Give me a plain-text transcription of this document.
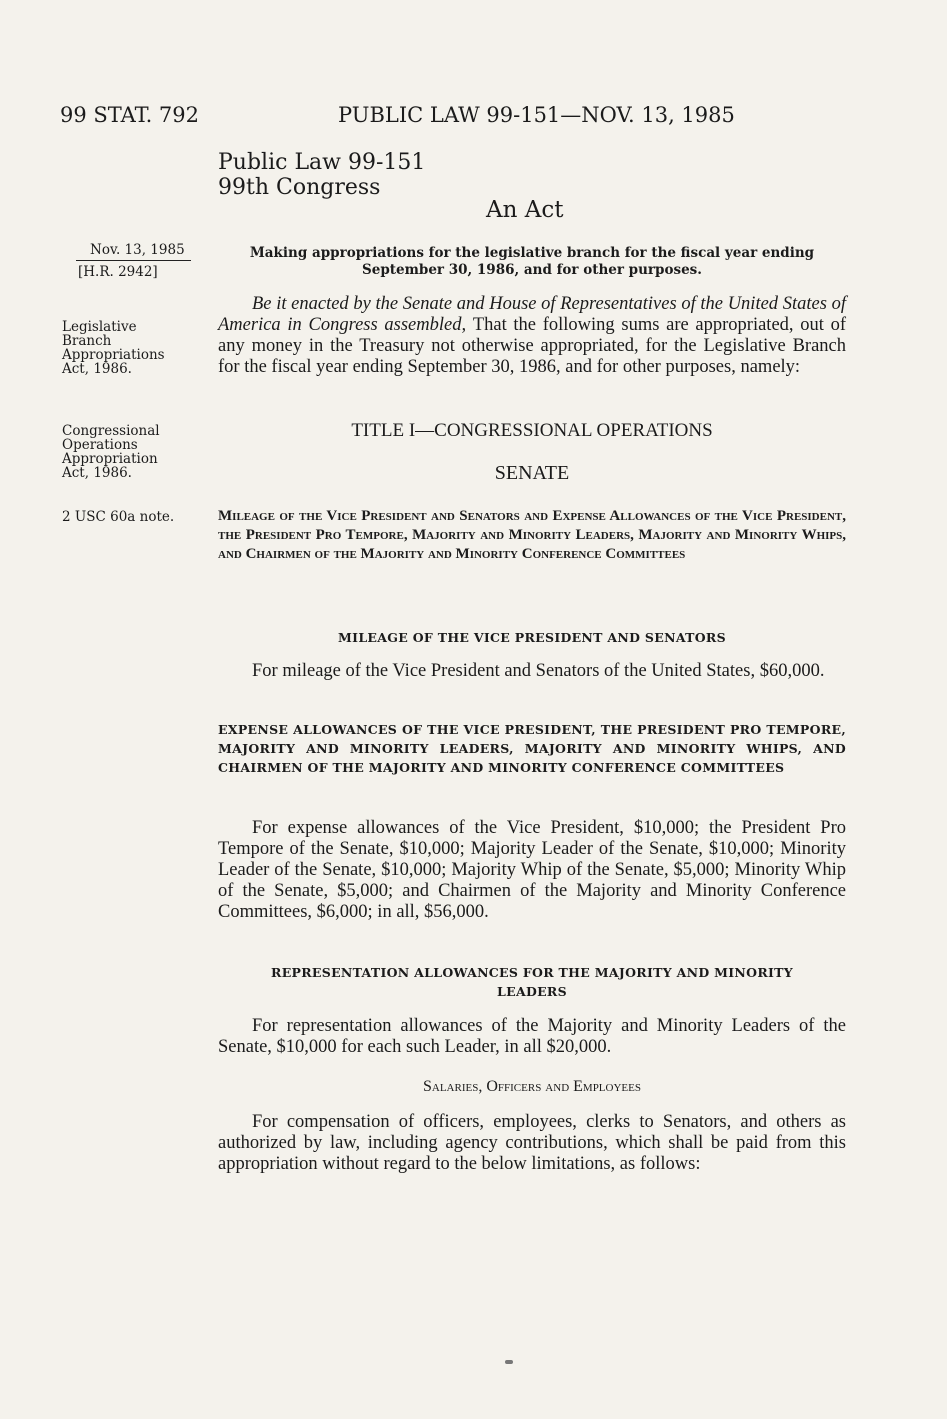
99 STAT. 792	PUBLIC LAW 99-151—NOV. 13, 1985
Public Law 99-151
99th Congress
An Act
Nov. 13, 1985
[H.R. 2942]
Legislative Branch Appropriations Act, 1986.
Congressional Operations Appropriation Act, 1986.
2 USC 60a note.
Making appropriations for the legislative branch for the fiscal year ending September 30, 1986, and for other purposes.
Be it enacted by the Senate and House of Representatives of the United States of America in Congress assembled, That the following sums are appropriated, out of any money in the Treasury not otherwise appropriated, for the Legislative Branch for the fiscal year ending September 30, 1986, and for other purposes, namely:
TITLE I—CONGRESSIONAL OPERATIONS
SENATE
Mileage of the Vice President and Senators and Expense Allowances of the Vice President, the President Pro Tempore, Majority and Minority Leaders, Majority and Minority Whips, and Chairmen of the Majority and Minority Conference Committees
MILEAGE OF THE VICE PRESIDENT AND SENATORS
For mileage of the Vice President and Senators of the United States, $60,000.
EXPENSE ALLOWANCES OF THE VICE PRESIDENT, THE PRESIDENT PRO TEMPORE, MAJORITY AND MINORITY LEADERS, MAJORITY AND MINORITY WHIPS, AND CHAIRMEN OF THE MAJORITY AND MINORITY CONFERENCE COMMITTEES
For expense allowances of the Vice President, $10,000; the President Pro Tempore of the Senate, $10,000; Majority Leader of the Senate, $10,000; Minority Leader of the Senate, $10,000; Majority Whip of the Senate, $5,000; Minority Whip of the Senate, $5,000; and Chairmen of the Majority and Minority Conference Committees, $6,000; in all, $56,000.
REPRESENTATION ALLOWANCES FOR THE MAJORITY AND MINORITY LEADERS
For representation allowances of the Majority and Minority Leaders of the Senate, $10,000 for each such Leader, in all $20,000.
Salaries, Officers and Employees
For compensation of officers, employees, clerks to Senators, and others as authorized by law, including agency contributions, which shall be paid from this appropriation without regard to the below limitations, as follows:
